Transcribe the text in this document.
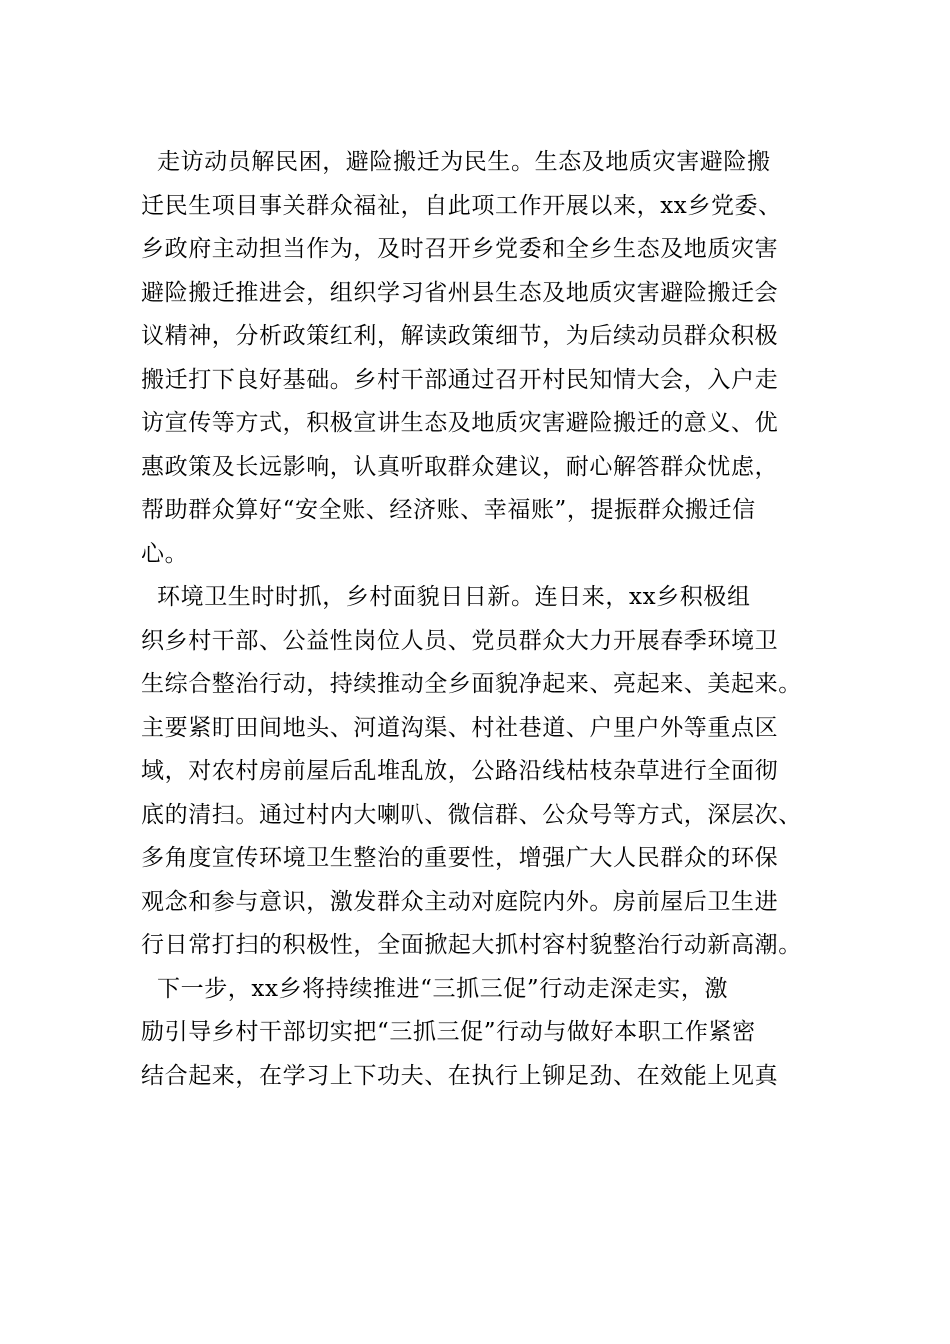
走访动员解民困，避险搬迁为民生。生态及地质灾害避险搬
迁民生项目事关群众福祉，自此项工作开展以来，xx乡党委、
乡政府主动担当作为，及时召开乡党委和全乡生态及地质灾害
避险搬迁推进会，组织学习省州县生态及地质灾害避险搬迁会
议精神，分析政策红利，解读政策细节，为后续动员群众积极
搬迁打下良好基础。乡村干部通过召开村民知情大会，入户走
访宣传等方式，积极宣讲生态及地质灾害避险搬迁的意义、优
惠政策及长远影响，认真听取群众建议，耐心解答群众忧虑，
帮助群众算好“安全账、经济账、幸福账”，提振群众搬迁信
心。
环境卫生时时抓，乡村面貌日日新。连日来，xx乡积极组
织乡村干部、公益性岗位人员、党员群众大力开展春季环境卫
生综合整治行动，持续推动全乡面貌净起来、亮起来、美起来。
主要紧盯田间地头、河道沟渠、村社巷道、户里户外等重点区
域，对农村房前屋后乱堆乱放，公路沿线枯枝杂草进行全面彻
底的清扫。通过村内大喇叭、微信群、公众号等方式，深层次、
多角度宣传环境卫生整治的重要性，增强广大人民群众的环保
观念和参与意识，激发群众主动对庭院内外。房前屋后卫生进
行日常打扫的积极性，全面掀起大抓村容村貌整治行动新高潮。
下一步，xx乡将持续推进“三抓三促”行动走深走实，激
励引导乡村干部切实把“三抓三促”行动与做好本职工作紧密
结合起来，在学习上下功夫、在执行上铆足劲、在效能上见真
